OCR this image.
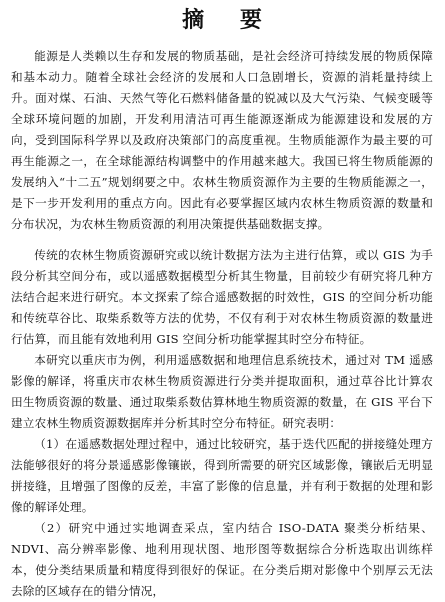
摘 要

能源是人类赖以生存和发展的物质基础，是社会经济可持续发展的物质保障和基本动力。随着全球社会经济的发展和人口急剧增长，资源的消耗量持续上升。面对煤、石油、天然气等化石燃料储备量的锐减以及大气污染、气候变暖等全球环境问题的加剧，开发利用清洁可再生能源逐渐成为能源建设和发展的方向，受到国际科学界以及政府决策部门的高度重视。生物质能源作为最主要的可再生能源之一，在全球能源结构调整中的作用越来越大。我国已将生物质能源的发展纳入“十二五”规划纲要之中。农林生物质资源作为主要的生物质能源之一，是下一步开发利用的重点方向。因此有必要掌握区域内农林生物质资源的数量和分布状况，为农林生物质资源的利用决策提供基础数据支撑。

传统的农林生物质资源研究或以统计数据方法为主进行估算，或以 GIS 为手段分析其空间分布，或以遥感数据模型分析其生物量，目前较少有研究将几种方法结合起来进行研究。本文探索了综合遥感数据的时效性，GIS 的空间分析功能和传统草谷比、取柴系数等方法的优势，不仅有利于对农林生物质资源的数量进行估算，而且能有效地利用 GIS 空间分析功能掌握其时空分布特征。

本研究以重庆市为例，利用遥感数据和地理信息系统技术，通过对 TM 遥感影像的解译，将重庆市农林生物质资源进行分类并提取面积，通过草谷比计算农田生物质资源的数量、通过取柴系数估算林地生物质资源的数量，在 GIS 平台下建立农林生物质资源数据库并分析其时空分布特征。研究表明：

（1）在遥感数据处理过程中，通过比较研究，基于迭代匹配的拼接缝处理方法能够很好的将分景遥感影像镶嵌，得到所需要的研究区域影像，镶嵌后无明显拼接缝，且增强了图像的反差，丰富了影像的信息量，并有利于数据的处理和影像的解译处理。

（2）研究中通过实地调查采点，室内结合 ISO-DATA 聚类分析结果、NDVI、高分辨率影像、地利用现状图、地形图等数据综合分析选取出训练样本，使分类结果质量和精度得到很好的保证。在分类后期对影像中个别厚云无法去除的区域存在的错分情况，
